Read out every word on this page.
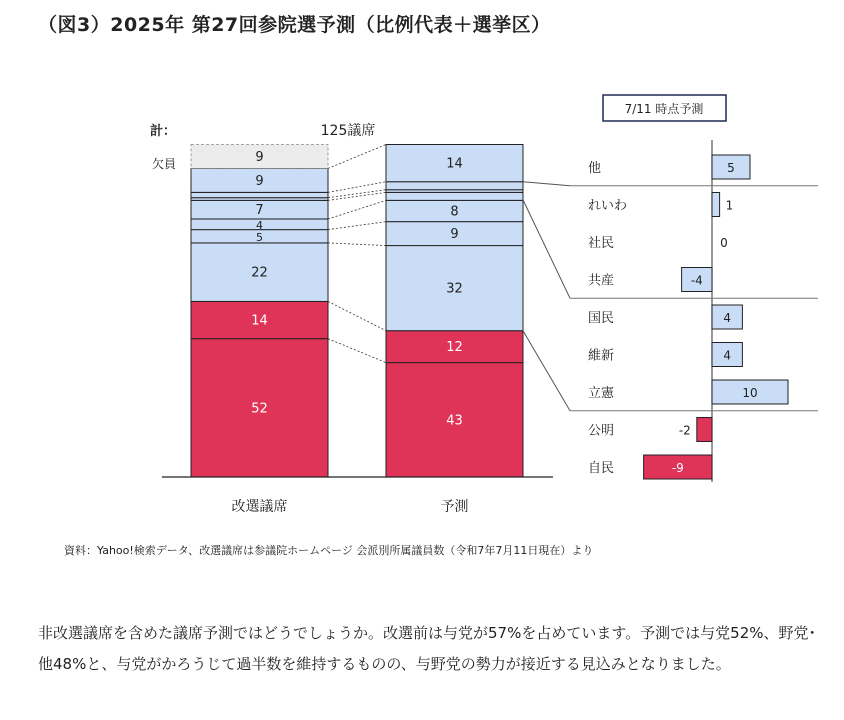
（図3）2025年 第27回参院選予測（比例代表＋選挙区）
52
14
22
5
4
7
9
9
改選議席
43
12
32
9
8
14
予測
他	5
れいわ	1
社民	0
共産	-4
国民	4
維新	4
立憲	10
公明	-2
自民	-9
計：	125議席
欠員
7/11 時点予測
資料：Yahoo!検索データ、改選議席は参議院ホームページ 会派別所属議員数（令和7年7月11日現在）より

非改選議席を含めた議席予測ではどうでしょうか。改選前は与党が57%を占めています。予測では与党52%、野党･他48%と、与党がかろうじて過半数を維持するものの、与野党の勢力が接近する見込みとなりました。
